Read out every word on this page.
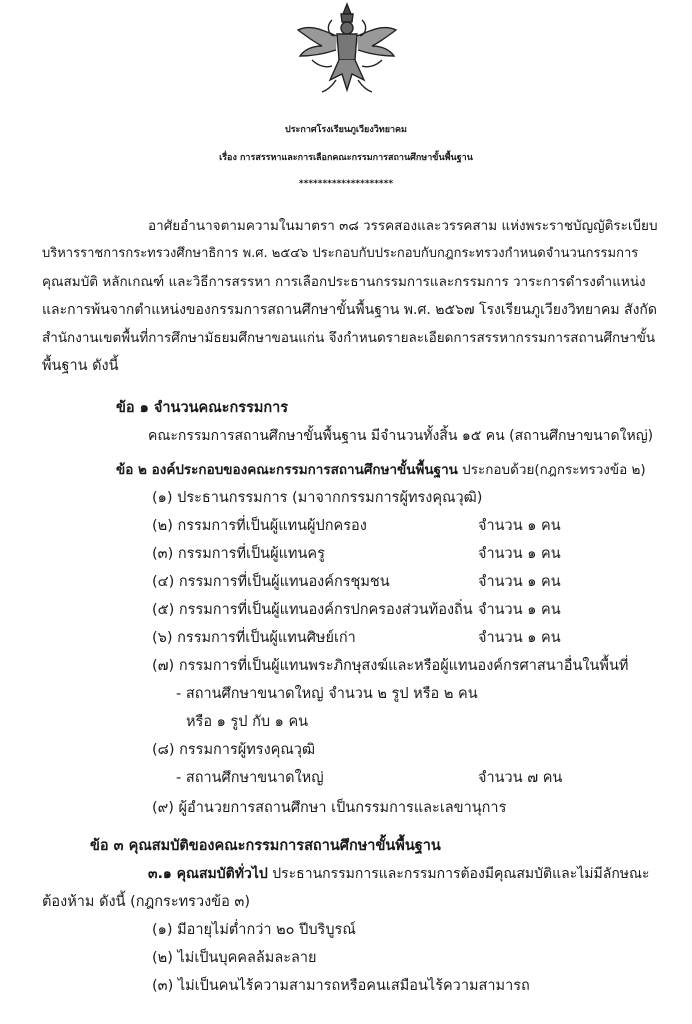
ประกาศโรงเรียนภูเวียงวิทยาคม
เรื่อง การสรรหาและการเลือกคณะกรรมการสถานศึกษาขั้นพื้นฐาน
********************
อาศัยอำนาจตามความในมาตรา ๓๘ วรรคสองและวรรคสาม แห่งพระราชบัญญัติระเบียบ
บริหารราชการกระทรวงศึกษาธิการ พ.ศ. ๒๕๔๖ ประกอบกับประกอบกับกฎกระทรวงกำหนดจำนวนกรรมการ
คุณสมบัติ หลักเกณฑ์ และวิธีการสรรหา การเลือกประธานกรรมการและกรรมการ วาระการดำรงตำแหน่ง
และการพ้นจากตำแหน่งของกรรมการสถานศึกษาขั้นพื้นฐาน พ.ศ. ๒๕๖๗ โรงเรียนภูเวียงวิทยาคม สังกัด
สำนักงานเขตพื้นที่การศึกษามัธยมศึกษาขอนแก่น จึงกำหนดรายละเอียดการสรรหากรรมการสถานศึกษาขั้น
พื้นฐาน ดังนี้
ข้อ ๑ จำนวนคณะกรรมการ
คณะกรรมการสถานศึกษาขั้นพื้นฐาน มีจำนวนทั้งสิ้น ๑๕ คน (สถานศึกษาขนาดใหญ่)
ข้อ ๒ องค์ประกอบของคณะกรรมการสถานศึกษาขั้นพื้นฐาน ประกอบด้วย(กฎกระทรวงข้อ ๒)
(๑) ประธานกรรมการ (มาจากกรรมการผู้ทรงคุณวุฒิ)
(๒) กรรมการที่เป็นผู้แทนผู้ปกครอง	จำนวน ๑ คน
(๓) กรรมการที่เป็นผู้แทนครู	จำนวน ๑ คน
(๔) กรรมการที่เป็นผู้แทนองค์กรชุมชน	จำนวน ๑ คน
(๕) กรรมการที่เป็นผู้แทนองค์กรปกครองส่วนท้องถิ่น จำนวน ๑ คน
(๖) กรรมการที่เป็นผู้แทนศิษย์เก่า	จำนวน ๑ คน
(๗) กรรมการที่เป็นผู้แทนพระภิกษุสงฆ์และหรือผู้แทนองค์กรศาสนาอื่นในพื้นที่
- สถานศึกษาขนาดใหญ่ จำนวน ๒ รูป หรือ ๒ คน
หรือ ๑ รูป กับ ๑ คน
(๘) กรรมการผู้ทรงคุณวุฒิ
- สถานศึกษาขนาดใหญ่	จำนวน ๗ คน
(๙) ผู้อำนวยการสถานศึกษา เป็นกรรมการและเลขานุการ
ข้อ ๓ คุณสมบัติของคณะกรรมการสถานศึกษาขั้นพื้นฐาน
๓.๑ คุณสมบัติทั่วไป ประธานกรรมการและกรรมการต้องมีคุณสมบัติและไม่มีลักษณะ
ต้องห้าม ดังนี้ (กฎกระทรวงข้อ ๓)
(๑) มีอายุไม่ต่ำกว่า ๒๐ ปีบริบูรณ์
(๒) ไม่เป็นบุคคลล้มละลาย
(๓) ไม่เป็นคนไร้ความสามารถหรือคนเสมือนไร้ความสามารถ
